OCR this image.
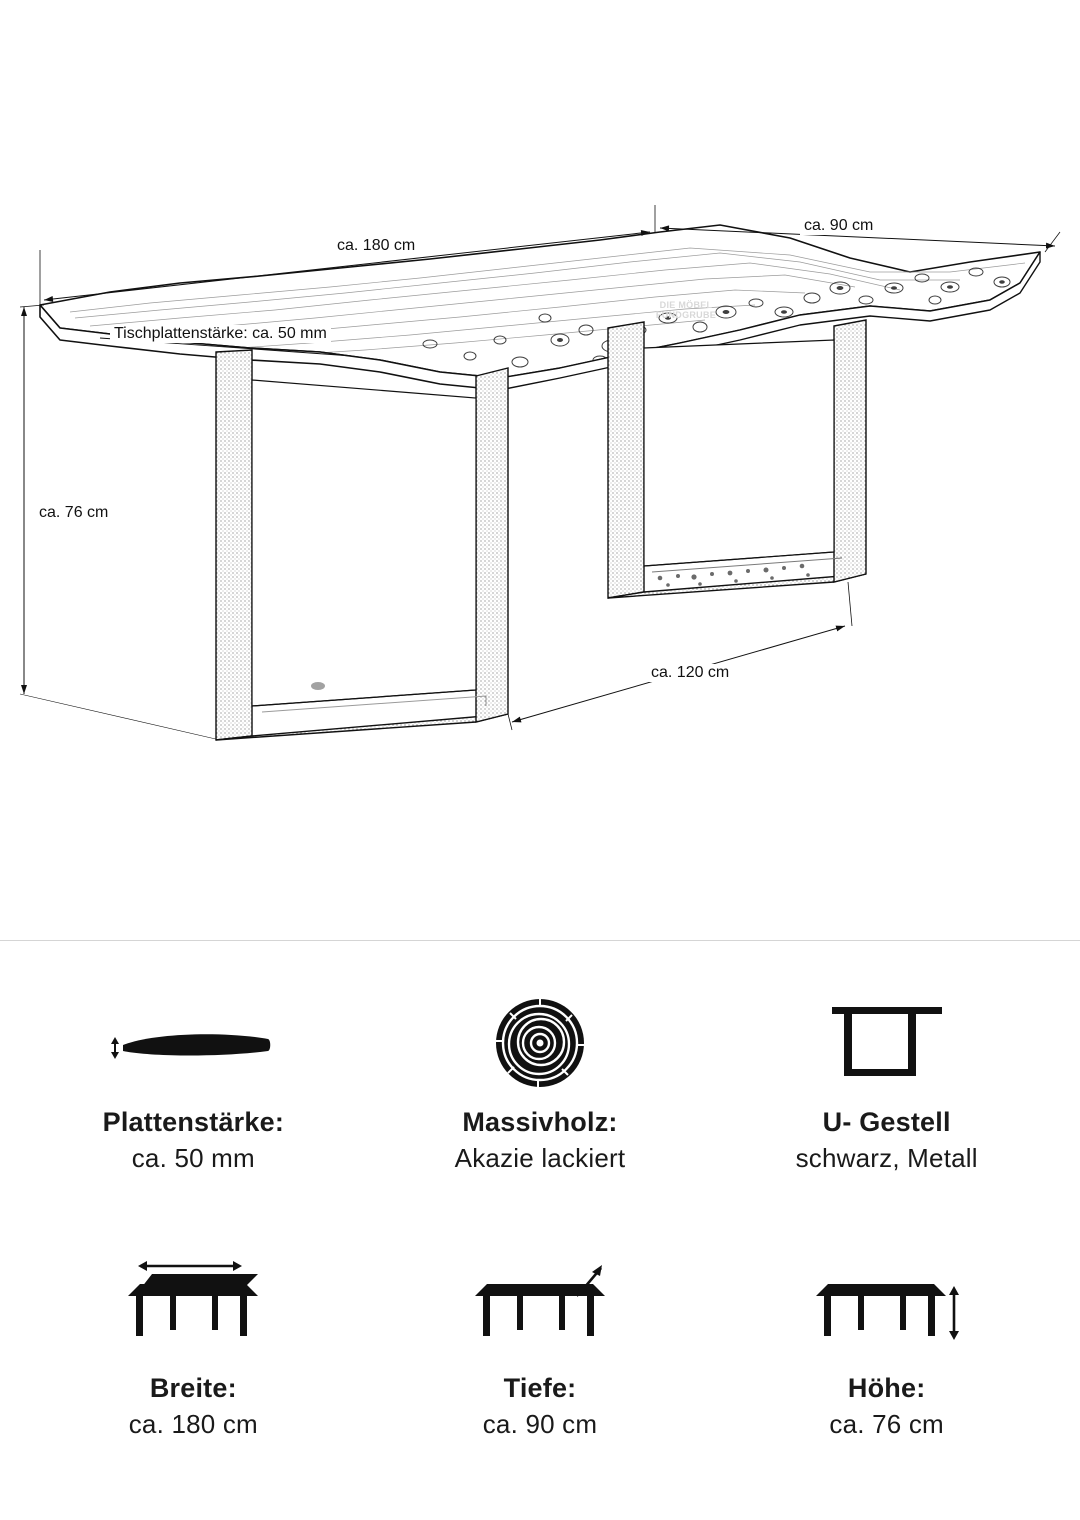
ca. 180 cm
ca. 90 cm
ca. 76 cm
ca. 120 cm
Tischplattenstärke: ca. 50 mm
DIE MÖBEL FUNDGRUBE
Plattenstärke:
ca. 50 mm
Massivholz:
Akazie lackiert
U- Gestell
schwarz, Metall
Breite:
ca. 180 cm
Tiefe:
ca. 90 cm
Höhe:
ca. 76 cm
